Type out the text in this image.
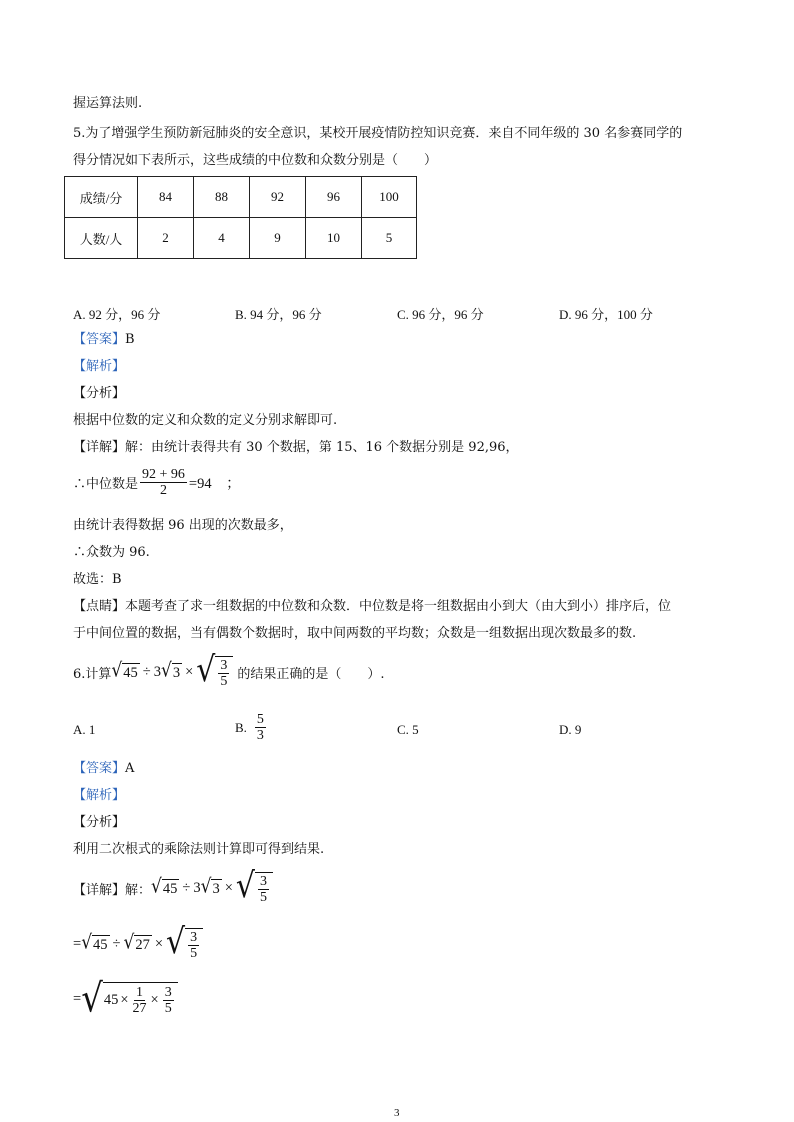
握运算法则.
5.为了增强学生预防新冠肺炎的安全意识，某校开展疫情防控知识竞赛．来自不同年级的 30 名参赛同学的
得分情况如下表所示，这些成绩的中位数和众数分别是（　　）
成绩/分	84	88	92	96	100
人数/人	2	4	9	10	5
A. 92 分，96 分	B. 94 分，96 分	C. 96 分，96 分	D. 96 分，100 分
【答案】B
【解析】
【分析】
根据中位数的定义和众数的定义分别求解即可.
【详解】解：由统计表得共有 30 个数据，第 15、16 个数据分别是 92,96，
∴中位数是 $\frac{92 + 96}{2} =94$　；
由统计表得数据 96 出现的次数最多，
∴众数为 96.
故选：B
【点睛】本题考查了求一组数据的中位数和众数．中位数是将一组数据由小到大（由大到小）排序后，位
于中间位置的数据，当有偶数个数据时，取中间两数的平均数；众数是一组数据出现次数最多的数.
6.计算 √ 45 ÷ 3 √ 3 × √ $\frac{3}{5}$ 的结果正确的是（　　）.
A. 1	B. $\frac{5}{3}$	C. 5	D. 9
【答案】A
【解析】
【分析】
利用二次根式的乘除法则计算即可得到结果.
【详解】 解： √ 45 ÷ 3 √ 3 × √ $\frac{3}{5}$
= √ 45 ÷ √ 27 × √ $\frac{3}{5}$
= √ $45 \times \frac{1}{27} \times \frac{3}{5}$
3
